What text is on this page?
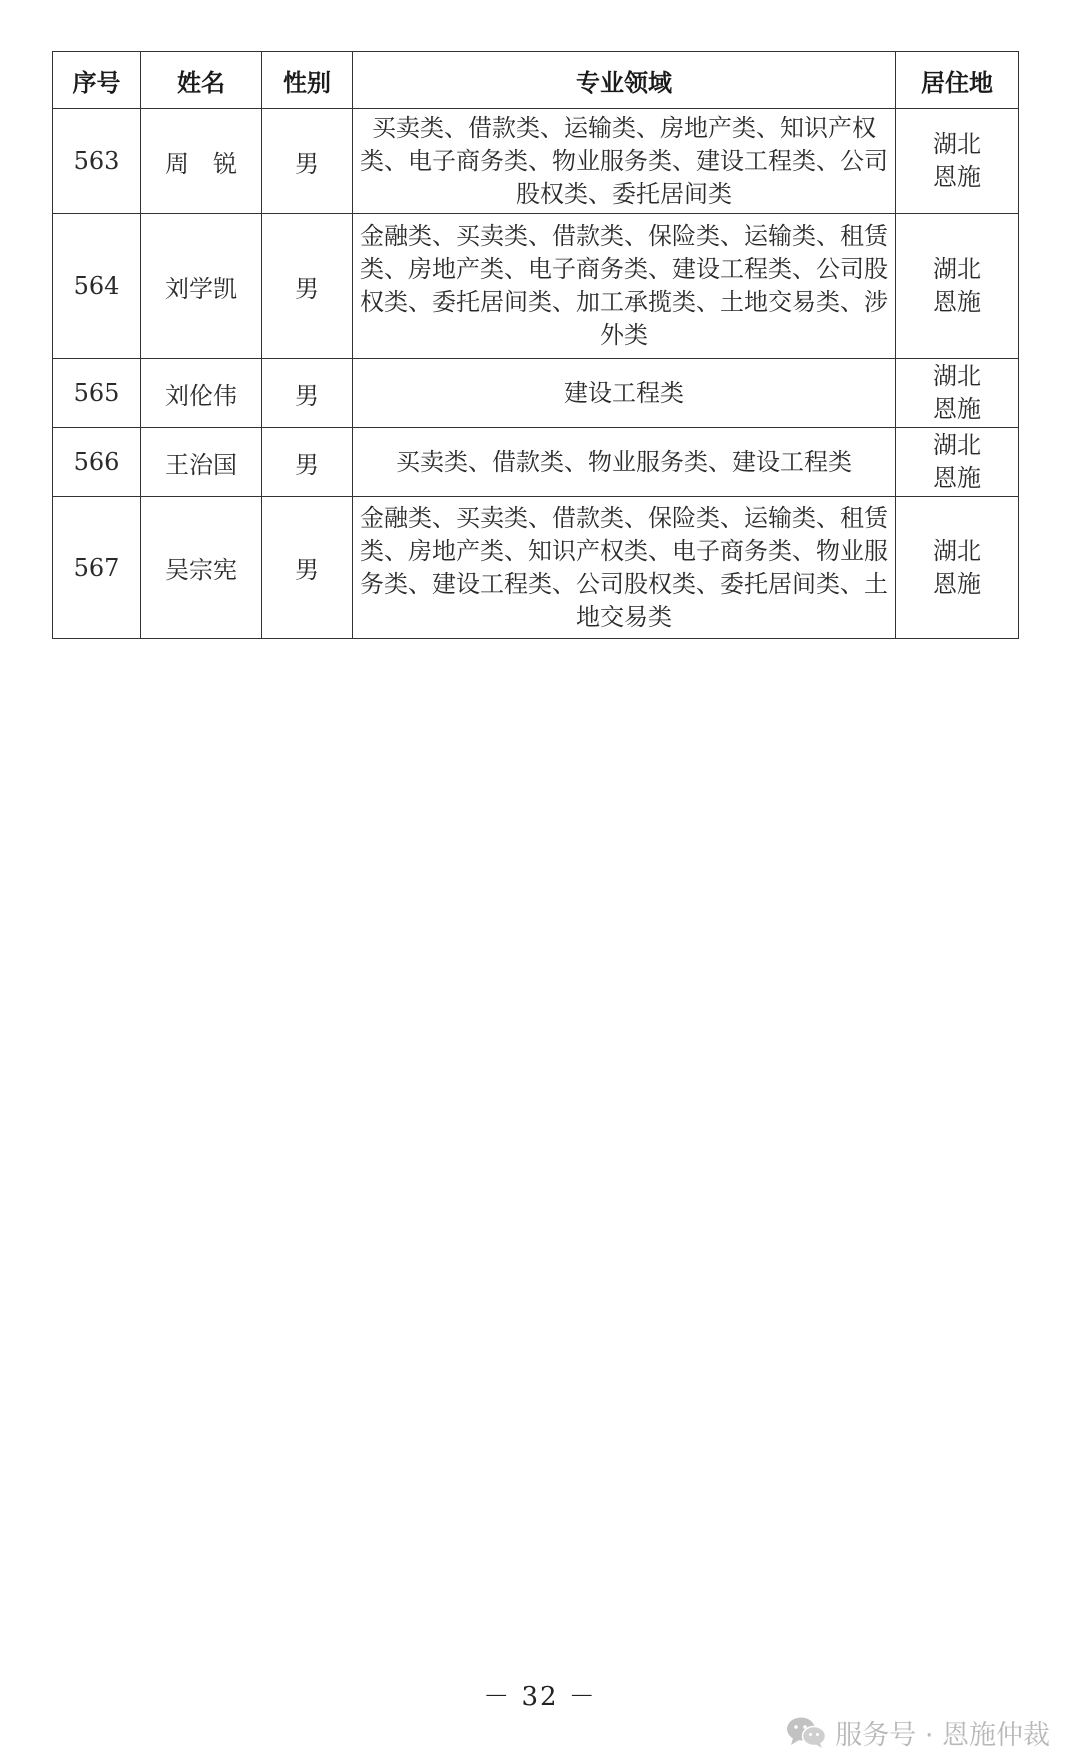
序号	姓名	性别	专业领域	居住地
563	周　锐	男	买卖类、借款类、运输类、房地产类、知识产权类、电子商务类、物业服务类、建设工程类、公司股权类、委托居间类	湖北
恩施

564	刘学凯	男	金融类、买卖类、借款类、保险类、运输类、租赁类、房地产类、电子商务类、建设工程类、公司股权类、委托居间类、加工承揽类、土地交易类、涉外类	湖北
恩施

565	刘伦伟	男	建设工程类	湖北
恩施

566	王治国	男	买卖类、借款类、物业服务类、建设工程类	湖北
恩施

567	吴宗宪	男	金融类、买卖类、借款类、保险类、运输类、租赁类、房地产类、知识产权类、电子商务类、物业服务类、建设工程类、公司股权类、委托居间类、土地交易类	湖北
恩施
－ 32 －
服务号 · 恩施仲裁
